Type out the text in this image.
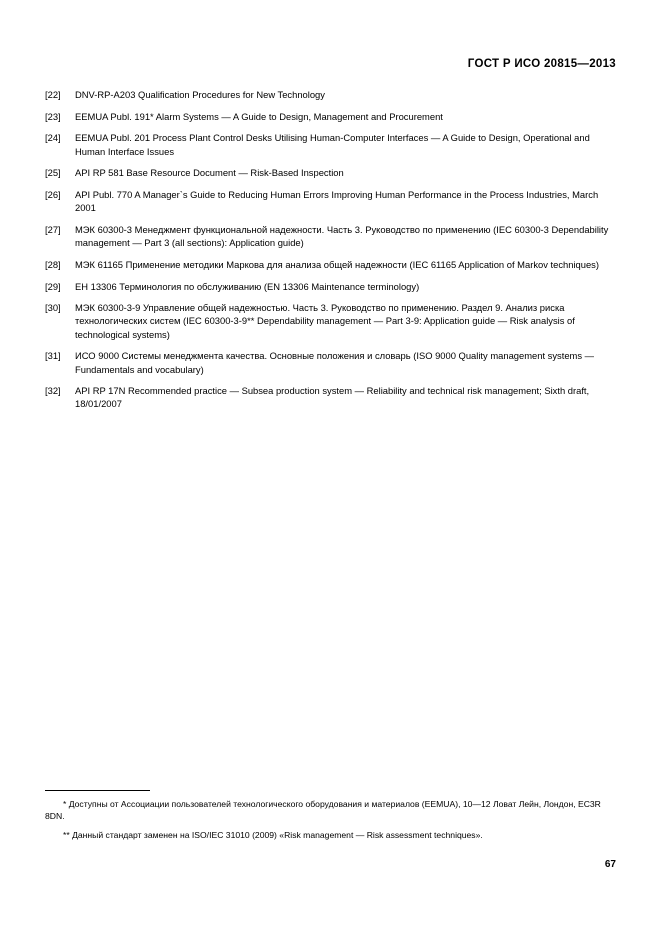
ГОСТ Р ИСО 20815—2013
[22]	DNV-RP-A203 Qualification Procedures for New Technology
[23]	EEMUA Publ. 191* Alarm Systems — A Guide to Design, Management and Procurement
[24]	EEMUA Publ. 201 Process Plant Control Desks Utilising Human-Computer Interfaces — A Guide to Design, Operational and Human Interface Issues
[25]	API RP 581 Base Resource Document — Risk-Based Inspection
[26]	API Publ. 770 A Manager`s Guide to Reducing Human Errors Improving Human Performance in the Process Industries, March 2001
[27]	МЭК 60300-3 Менеджмент функциональной надежности. Часть 3. Руководство по применению (IEC 60300-3 Dependability management — Part 3 (all sections): Application guide)
[28]	МЭК 61165 Применение методики Маркова для анализа общей надежности (IEC 61165 Application of Markov techniques)
[29]	ЕН 13306 Терминология по обслуживанию (EN 13306 Maintenance terminology)
[30]	МЭК 60300-3-9 Управление общей надежностью. Часть 3. Руководство по применению. Раздел 9. Анализ риска технологических систем (IEC 60300-3-9** Dependability management — Part 3-9: Application guide — Risk analysis of technological systems)
[31]	ИСО 9000 Системы менеджмента качества. Основные положения и словарь (ISO 9000 Quality management systems — Fundamentals and vocabulary)
[32]	API RP 17N Recommended practice — Subsea production system — Reliability and technical risk management; Sixth draft, 18/01/2007
* Доступны от Ассоциации пользователей технологического оборудования и материалов (EEMUA), 10—12 Ловат Лейн, Лондон, EC3R 8DN.
** Данный стандарт заменен на ISO/IEC 31010 (2009) «Risk management — Risk assessment techniques».
67
